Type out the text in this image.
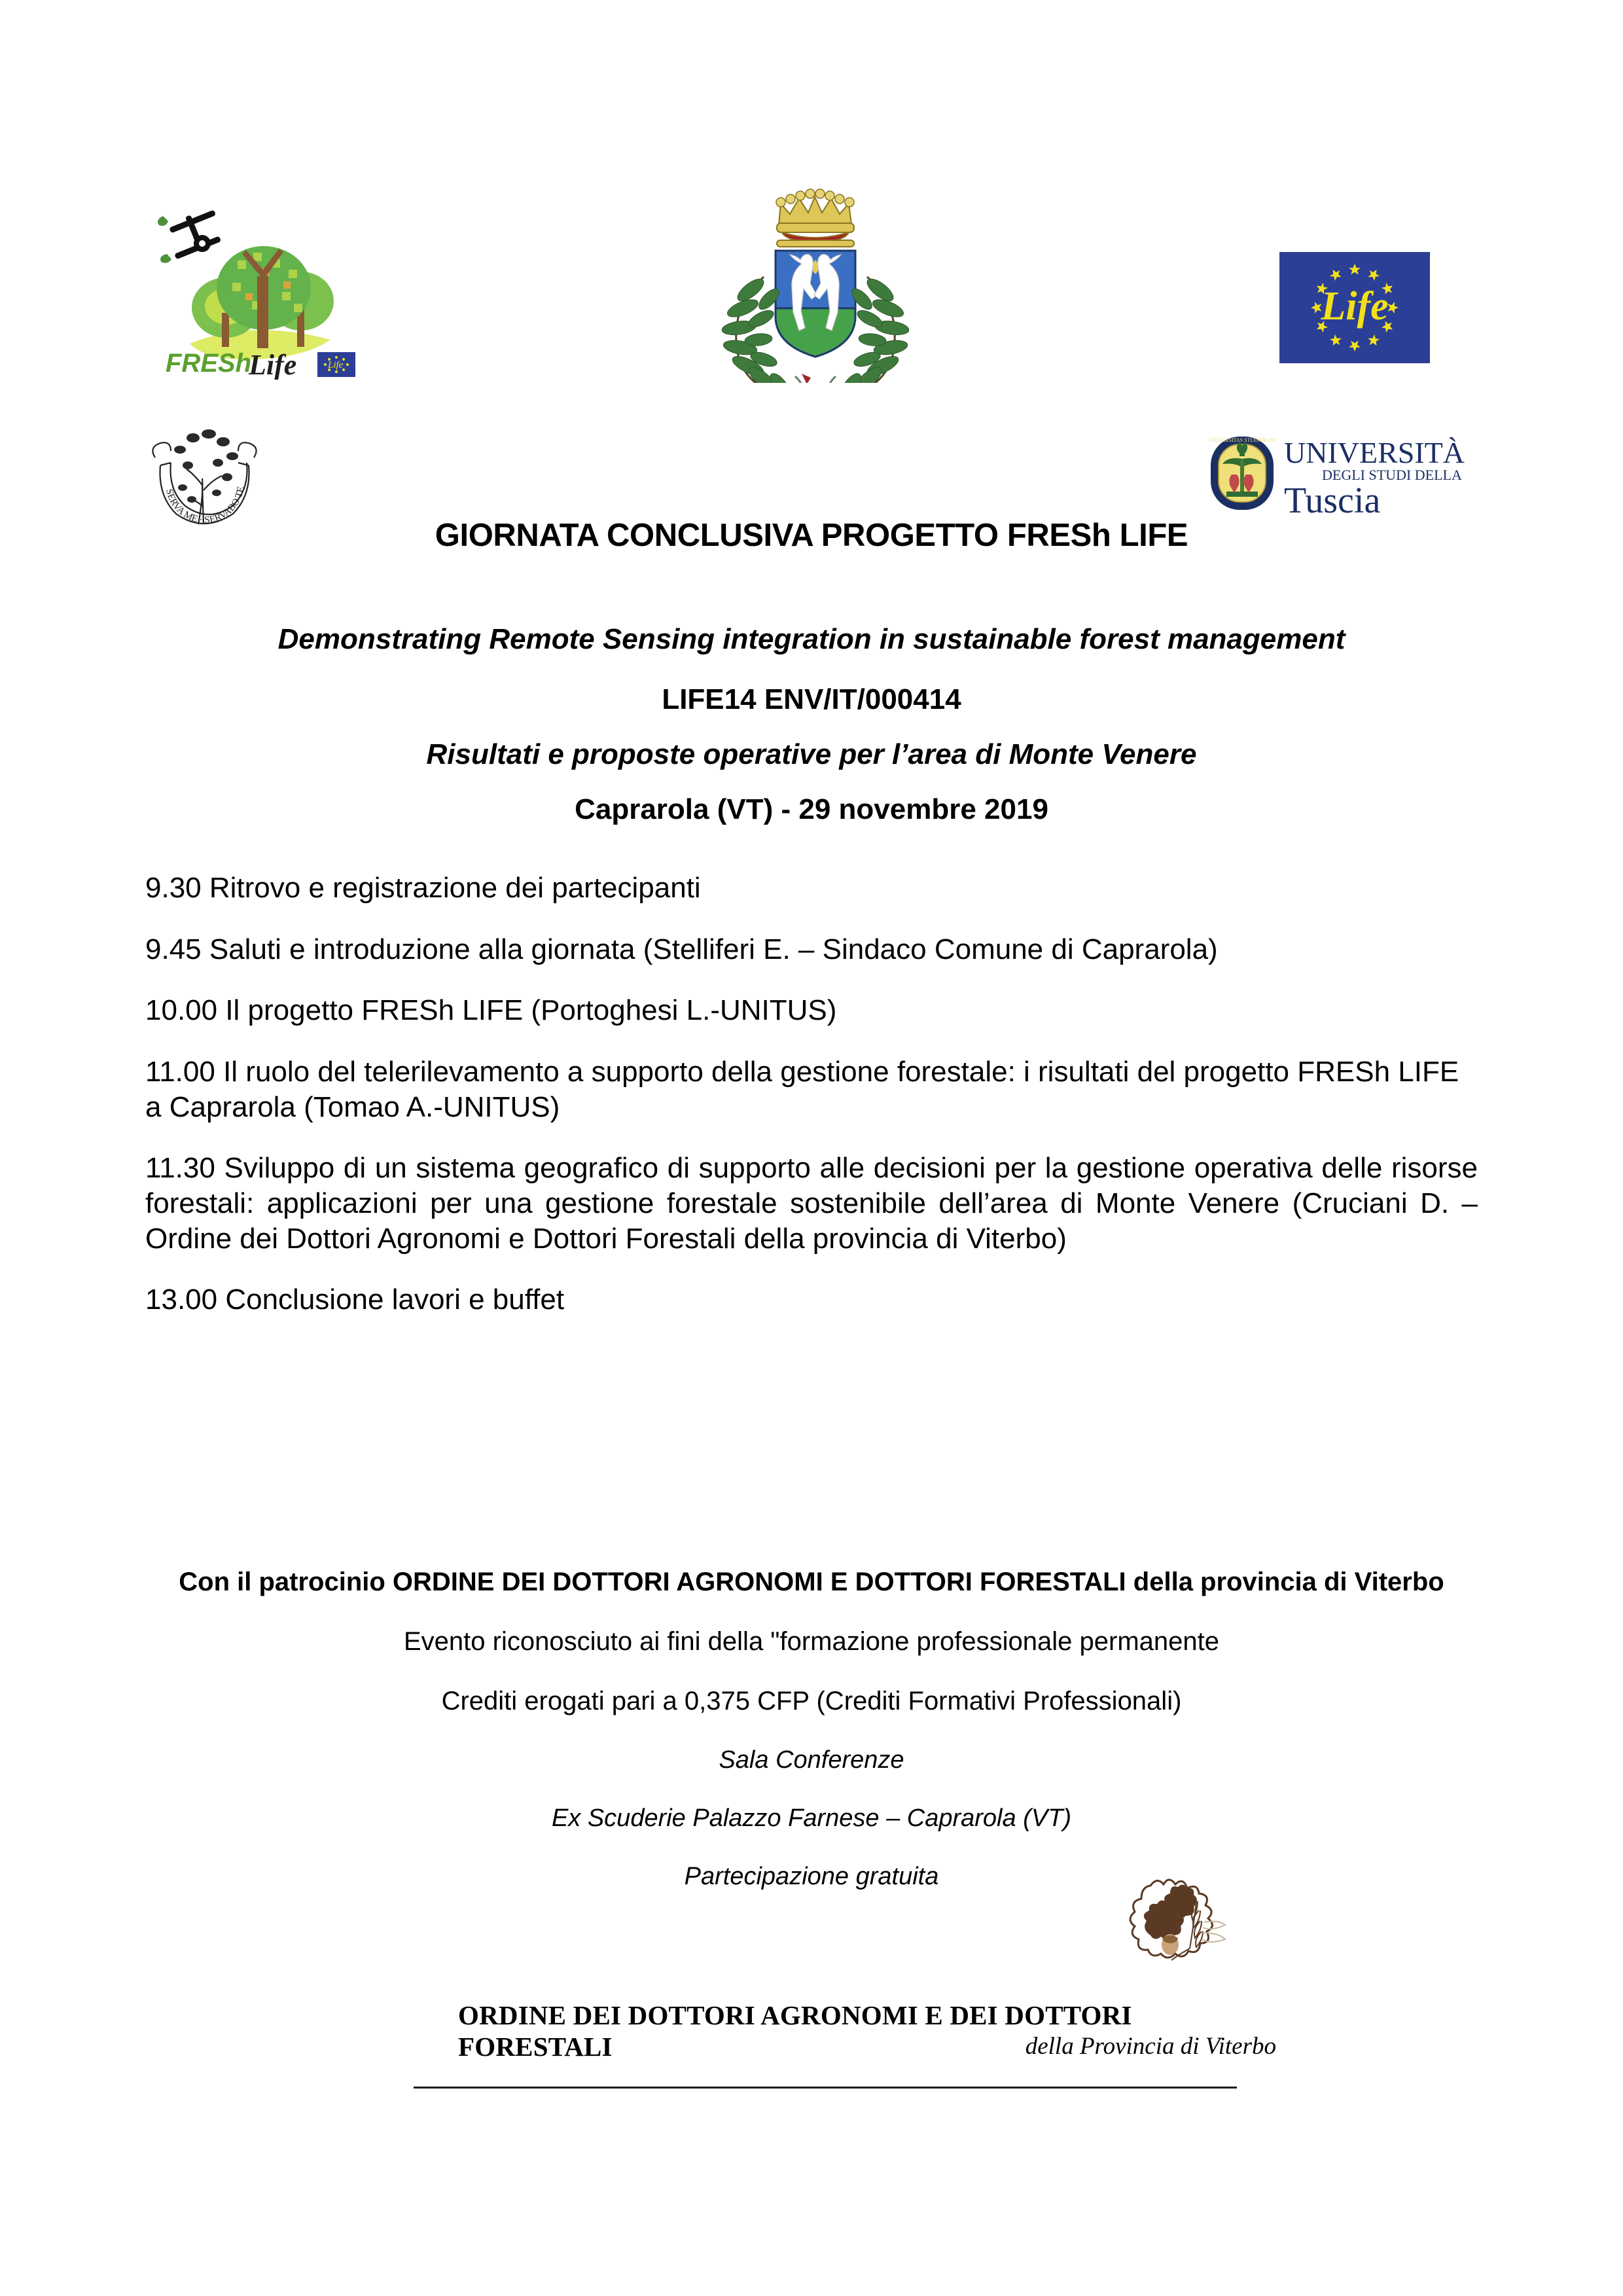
FRESh
Life	Life
Life
SERVA ME · SERVABO TE
UNIVERSITAS STUDIORUM UNIVERSITÀ
DEGLI STUDI DELLA
Tuscia
GIORNATA CONCLUSIVA PROGETTO FRESh LIFE
Demonstrating Remote Sensing integration in sustainable forest management
LIFE14 ENV/IT/000414
Risultati e proposte operative per l’area di Monte Venere
Caprarola (VT) - 29 novembre 2019

9.30 Ritrovo e registrazione dei partecipanti

9.45 Saluti e introduzione alla giornata (Stelliferi E. – Sindaco Comune di Caprarola)

10.00 Il progetto FRESh LIFE (Portoghesi L.-UNITUS)

11.00 Il ruolo del telerilevamento a supporto della gestione forestale: i risultati del progetto FRESh LIFE a Caprarola (Tomao A.-UNITUS)

11.30 Sviluppo di un sistema geografico di supporto alle decisioni per la gestione operativa delle risorse forestali: applicazioni per una gestione forestale sostenibile dell’area di Monte Venere (Cruciani D. – Ordine dei Dottori Agronomi e Dottori Forestali della provincia di Viterbo)

13.00 Conclusione lavori e buffet

Con il patrocinio ORDINE DEI DOTTORI AGRONOMI E DOTTORI FORESTALI della provincia di Viterbo
Evento riconosciuto ai fini della "formazione professionale permanente
Crediti erogati pari a 0,375 CFP (Crediti Formativi Professionali)
Sala Conferenze
Ex Scuderie Palazzo Farnese – Caprarola (VT)
Partecipazione gratuita
ORDINE DEI DOTTORI AGRONOMI E DEI DOTTORI FORESTALI	della Provincia di Viterbo
